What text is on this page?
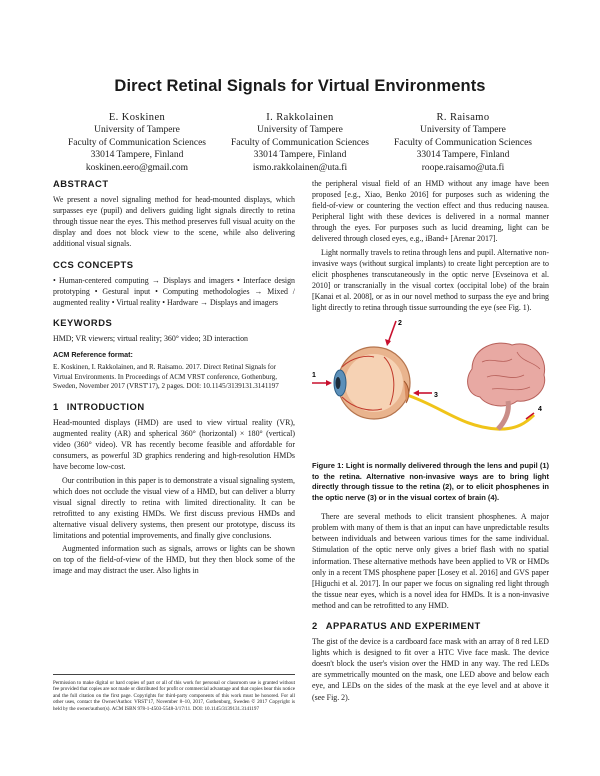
Direct Retinal Signals for Virtual Environments
E. Koskinen
University of Tampere
Faculty of Communication Sciences
33014 Tampere, Finland
koskinen.eero@gmail.com
I. Rakkolainen
University of Tampere
Faculty of Communication Sciences
33014 Tampere, Finland
ismo.rakkolainen@uta.fi
R. Raisamo
University of Tampere
Faculty of Communication Sciences
33014 Tampere, Finland
roope.raisamo@uta.fi
ABSTRACT
We present a novel signaling method for head-mounted displays, which surpasses eye (pupil) and delivers guiding light signals directly to retina through tissue near the eyes. This method preserves full visual acuity on the display and does not block view to the scene, while also delivering additional visual signals.
CCS CONCEPTS
• Human-centered computing → Displays and imagers • Interface design prototyping • Gestural input • Computing methodologies → Mixed / augmented reality • Virtual reality • Hardware → Displays and imagers
KEYWORDS
HMD; VR viewers; virtual reality; 360° video; 3D interaction
ACM Reference format:
E. Koskinen, I. Rakkolainen, and R. Raisamo. 2017. Direct Retinal Signals for Virtual Environments. In Proceedings of ACM VRST conference, Gothenburg, Sweden, November 2017 (VRST'17), 2 pages. DOI: 10.1145/3139131.3141197
1 INTRODUCTION
Head-mounted displays (HMD) are used to view virtual reality (VR), augmented reality (AR) and spherical 360° (horizontal) × 180° (vertical) video (360° video). VR has recently become feasible and affordable for consumers, as powerful 3D graphics rendering and high-resolution HMDs have become low-cost.
Our contribution in this paper is to demonstrate a visual signaling system, which does not occlude the visual view of a HMD, but can deliver a blurry visual signal directly to retina with limited directionality. It can be retrofitted to any existing HMDs. We first discuss previous HMDs and alternative visual delivery systems, then present our prototype, discuss its limitations and potential improvements, and finally give conclusions.
Augmented information such as signals, arrows or lights can be shown on top of the field-of-view of the HMD, but they then block some of the image and may distract the user. Also lights in
the peripheral visual field of an HMD without any image have been proposed [e.g., Xiao, Benko 2016] for purposes such as widening the field-of-view or countering the vection effect and thus reducing nausea. Peripheral light with these devices is delivered in a normal manner through the eyes. For purposes such as lucid dreaming, light can be delivered through closed eyes, e.g., iBand+ [Arenar 2017].
Light normally travels to retina through lens and pupil. Alternative non-invasive ways (without surgical implants) to create light perception are to elicit phosphenes transcutaneously in the optic nerve [Evseinova et al. 2010] or transcranially in the visual cortex (occipital lobe) of the brain [Kanai et al. 2008], or as in our novel method to surpass the eye and bring light directly to retina through tissue surrounding the eye (see Fig. 1).
1
2
3
4
Figure 1: Light is normally delivered through the lens and pupil (1) to the retina. Alternative non-invasive ways are to bring light directly through tissue to the retina (2), or to elicit phosphenes in the optic nerve (3) or in the visual cortex of brain (4).
There are several methods to elicit transient phosphenes. A major problem with many of them is that an input can have unpredictable results between individuals and between various times for the same individual. Stimulation of the optic nerve only gives a brief flash with no spatial information. These alternative methods have been applied to VR or HMDs only in a recent TMS phosphene paper [Losey et al. 2016] and GVS paper [Higuchi et al. 2017]. In our paper we focus on signaling red light through the tissue near eyes, which is a novel idea for HMDs. It is a non-invasive method and can be retrofitted to any HMD.
2 APPARATUS AND EXPERIMENT
The gist of the device is a cardboard face mask with an array of 8 red LED lights which is designed to fit over a HTC Vive face mask. The device doesn't block the user's vision over the HMD in any way. The red LEDs are symmetrically mounted on the mask, one LED above and below each eye, and LEDs on the sides of the mask at the eye level and at above it (see Fig. 2).
Permission to make digital or hard copies of part or all of this work for personal or classroom use is granted without fee provided that copies are not made or distributed for profit or commercial advantage and that copies bear this notice and the full citation on the first page. Copyrights for third-party components of this work must be honored. For all other uses, contact the Owner/Author. VRST'17, November 8–10, 2017, Gothenburg, Sweden © 2017 Copyright is held by the owner/author(s). ACM ISBN 978-1-4503-5548-3/17/11. DOI: 10.1145/3139131.3141197
